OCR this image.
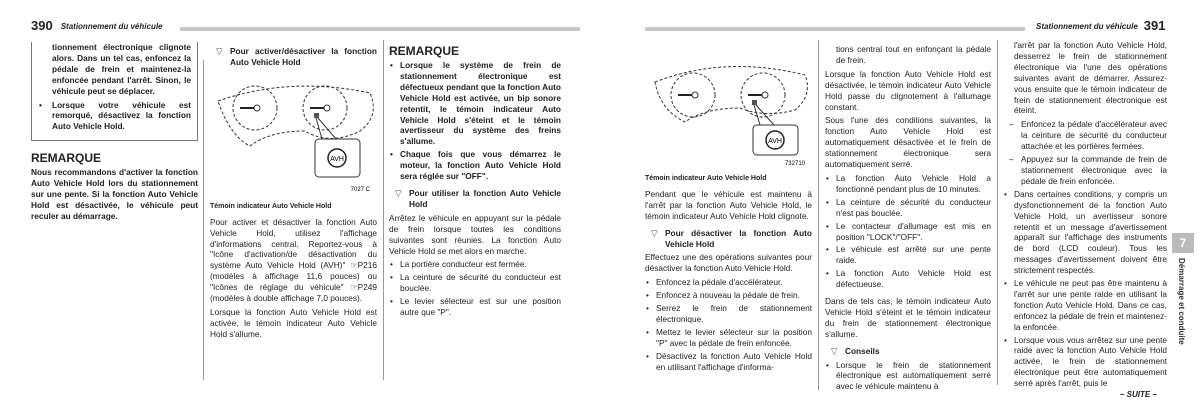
390 Stationnement du véhicule	Stationnement du véhicule 391

tionnement électronique clignote alors. Dans un tel cas, enfoncez la pédale de frein et maintenez-la enfoncée pendant l'arrêt. Sinon, le véhicule peut se déplacer.

• Lorsque votre véhicule est remorqué, désactivez la fonction Auto Vehicle Hold.
REMARQUE

Nous recommandons d'activer la fonction Auto Vehicle Hold lors du stationnement sur une pente. Si la fonction Auto Vehicle Hold est désactivée, le véhicule peut reculer au démarrage.

▽ Pour activer/désactiver la fonction Auto Vehicle Hold
AVH
7027 C
Témoin indicateur Auto Vehicle Hold

Pour activer et désactiver la fonction Auto Vehicle Hold, utilisez l'affichage d'informations central. Reportez-vous à "Icône d'activation/de désactivation du système Auto Vehicle Hold (AVH)" ☞P216 (modèles à affichage 11,6 pouces) ou "Icônes de réglage du véhicule" ☞P249 (modèles à double affichage 7,0 pouces).

Lorsque la fonction Auto Vehicle Hold est activée, le témoin indicateur Auto Vehicle Hold s'allume.

REMARQUE
• Lorsque le système de frein de stationnement électronique est défectueux pendant que la fonction Auto Vehicle Hold est activée, un bip sonore retentit, le témoin indicateur Auto Vehicle Hold s'éteint et le témoin avertisseur du système des freins s'allume.
• Chaque fois que vous démarrez le moteur, la fonction Auto Vehicle Hold sera réglée sur "OFF".
▽ Pour utiliser la fonction Auto Vehicle Hold

Arrêtez le véhicule en appuyant sur la pédale de frein lorsque toutes les conditions suivantes sont réunies. La fonction Auto Vehicle Hold se met alors en marche.

• La portière conducteur est fermée.
• La ceinture de sécurité du conducteur est bouclée.
• Le levier sélecteur est sur une position autre que "P".
AVH
732710
Témoin indicateur Auto Vehicle Hold

Pendant que le véhicule est maintenu à l'arrêt par la fonction Auto Vehicle Hold, le témoin indicateur Auto Vehicle Hold clignote.

▽ Pour désactiver la fonction Auto Vehicle Hold

Effectuez une des opérations suivantes pour désactiver la fonction Auto Vehicle Hold.

• Enfoncez la pédale d'accélérateur.
• Enfoncez à nouveau la pédale de frein.
• Serrez le frein de stationnement électronique.
• Mettez le levier sélecteur sur la position "P" avec la pédale de frein enfoncée.
• Désactivez la fonction Auto Vehicle Hold en utilisant l'affichage d'informa-

tions central tout en enfonçant la pédale de frein.

Lorsque la fonction Auto Vehicle Hold est désactivée, le témoin indicateur Auto Vehicle Hold passe du clignotement à l'allumage constant.

Sous l'une des conditions suivantes, la fonction Auto Vehicle Hold est automatiquement désactivée et le frein de stationnement électronique sera automatiquement serré.

• La fonction Auto Vehicle Hold a fonctionné pendant plus de 10 minutes.
• La ceinture de sécurité du conducteur n'est pas bouclée.
• Le contacteur d'allumage est mis en position "LOCK"/"OFF".
• Le véhicule est arrêté sur une pente raide.
• La fonction Auto Vehicle Hold est défectueuse.

Dans de tels cas, le témoin indicateur Auto Vehicle Hold s'éteint et le témoin indicateur du frein de stationnement électronique s'allume.

▽ Conseils
• Lorsque le frein de stationnement électronique est automatiquement serré avec le véhicule maintenu à

l'arrêt par la fonction Auto Vehicle Hold, desserrez le frein de stationnement électronique via l'une des opérations suivantes avant de démarrer. Assurez-vous ensuite que le témoin indicateur de frein de stationnement électronique est éteint.

– Enfoncez la pédale d'accélérateur avec la ceinture de sécurité du conducteur attachée et les portières fermées.
– Appuyez sur la commande de frein de stationnement électronique avec la pédale de frein enfoncée.
• Dans certaines conditions, y compris un dysfonctionnement de la fonction Auto Vehicle Hold, un avertisseur sonore retentit et un message d'avertissement apparaît sur l'affichage des instruments de bord (LCD couleur). Tous les messages d'avertissement doivent être strictement respectés.
• Le véhicule ne peut pas être maintenu à l'arrêt sur une pente raide en utilisant la fonction Auto Vehicle Hold. Dans ce cas, enfoncez la pédale de frein et maintenez-la enfoncée.
• Lorsque vous vous arrêtez sur une pente raide avec la fonction Auto Vehicle Hold activée, le frein de stationnement électronique peut être automatiquement serré après l'arrêt, puis le
7
Démarrage et conduite
– SUITE –
